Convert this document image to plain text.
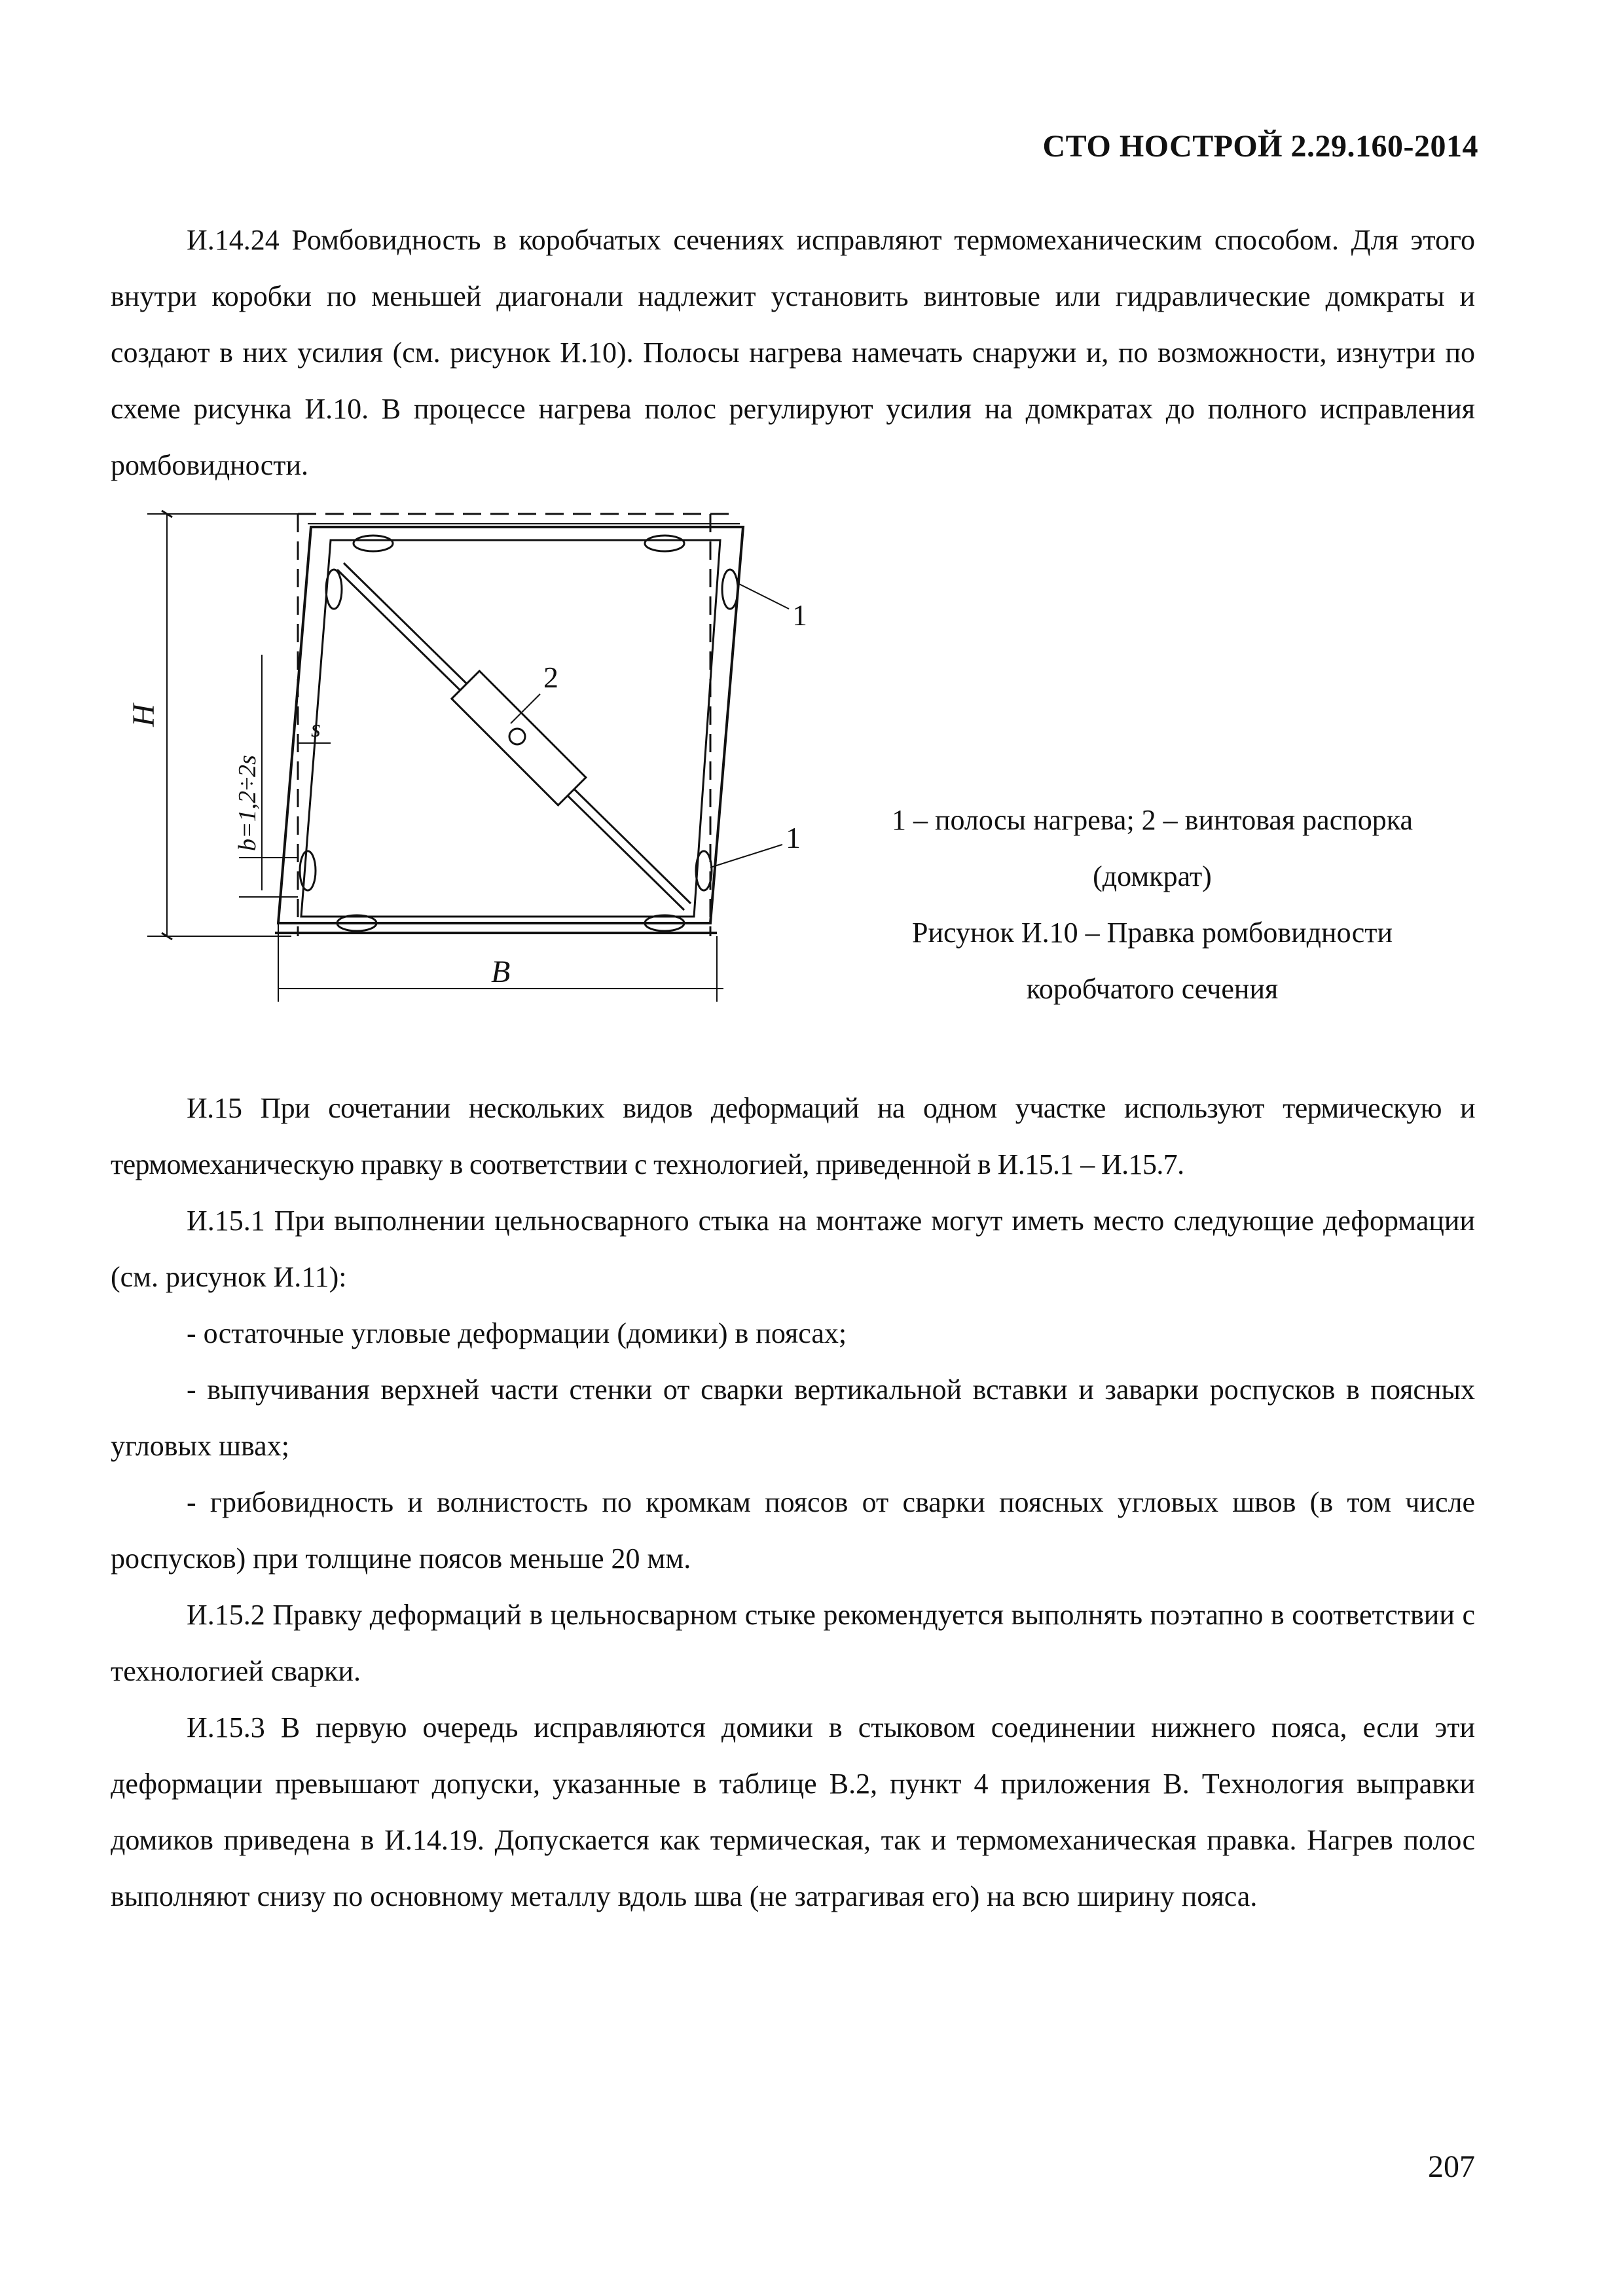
СТО НОСТРОЙ 2.29.160-2014

И.14.24 Ромбовидность в коробчатых сечениях исправляют термомеханическим способом. Для этого внутри коробки по меньшей диагонали надлежит установить винтовые или гидравлические домкраты и создают в них усилия (см. рисунок И.10). Полосы нагрева намечать снаружи и, по возможности, изнутри по схеме рисунка И.10. В процессе нагрева полос регулируют усилия на домкратах до полного исправления ромбовидности.

H
b=1,2÷2s
s
B
1
1
2
1 – полосы нагрева; 2 – винтовая распорка
(домкрат)
Рисунок И.10 – Правка ромбовидности
коробчатого сечения

И.15 При сочетании нескольких видов деформаций на одном участке используют термическую и термомеханическую правку в соответствии с технологией, приведенной в И.15.1 – И.15.7.

И.15.1 При выполнении цельносварного стыка на монтаже могут иметь место следующие деформации (см. рисунок И.11):

- остаточные угловые деформации (домики) в поясах;

- выпучивания верхней части стенки от сварки вертикальной вставки и заварки роспусков в поясных угловых швах;

- грибовидность и волнистость по кромкам поясов от сварки поясных угловых швов (в том числе роспусков) при толщине поясов меньше 20 мм.

И.15.2 Правку деформаций в цельносварном стыке рекомендуется выполнять поэтапно в соответствии с технологией сварки.

И.15.3 В первую очередь исправляются домики в стыковом соединении нижнего пояса, если эти деформации превышают допуски, указанные в таблице В.2, пункт 4 приложения В. Технология выправки домиков приведена в И.14.19. Допускается как термическая, так и термомеханическая правка. Нагрев полос выполняют снизу по основному металлу вдоль шва (не затрагивая его) на всю ширину пояса.

207
